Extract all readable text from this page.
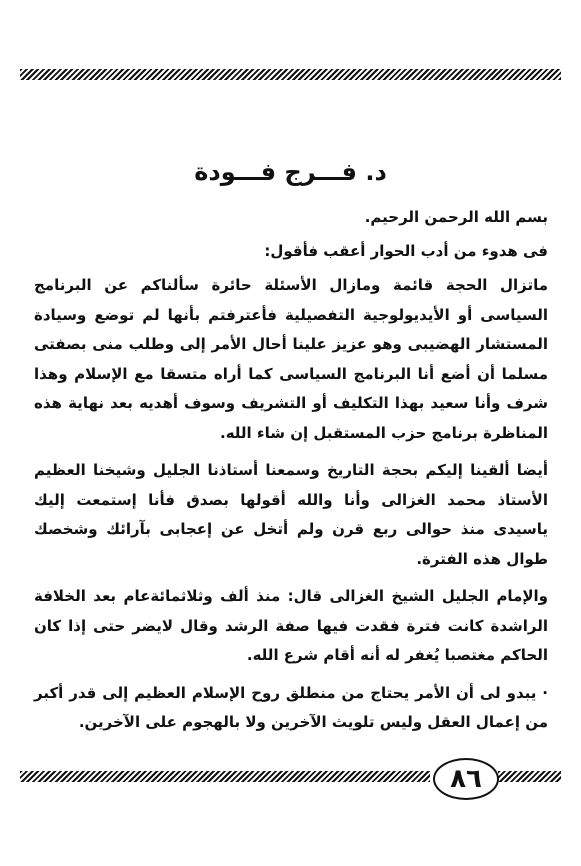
د. فـــرج فـــودة
بسم الله الرحمن الرحيم.
فى هدوء من أدب الحوار أعقب فأقول:

ماتزال الحجة قائمة ومازال الأسئلة حائرة سألناكم عن البرنامج السياسى أو الأيديولوجية التفصيلية فأعترفتم بأنها لم توضع وسيادة المستشار الهضيبى وهو عزيز علينا أحال الأمر إلى وطلب منى بصفتى مسلما أن أضع أنا البرنامج السياسى كما أراه متسقا مع الإسلام وهذا شرف وأنا سعيد بهذا التكليف أو التشريف وسوف أهديه بعد نهاية هذه المناظرة برنامج حزب المستقبل إن شاء الله.

أيضا ألقينا إليكم بحجة التاريخ وسمعنا أستاذنا الجليل وشيخنا العظيم الأستاذ محمد الغزالى وأنا والله أقولها بصدق فأنا إستمعت إليك ياسيدى منذ حوالى ربع قرن ولم أتخل عن إعجابى بآرائك وشخصك طوال هذه الفترة.

والإمام الجليل الشيخ الغزالى قال: منذ ألف وثلاثمائةعام بعد الخلافة الراشدة كانت فترة فقدت فيها صفة الرشد وقال لايضر حتى إذا كان الحاكم مغتصبا يُغفر له أنه أقام شرع الله.

· يبدو لى أن الأمر يحتاج من منطلق روح الإسلام العظيم إلى قدر أكبر من إعمال العقل وليس تلويث الآخرين ولا بالهجوم على الآخرين.

٨٦
